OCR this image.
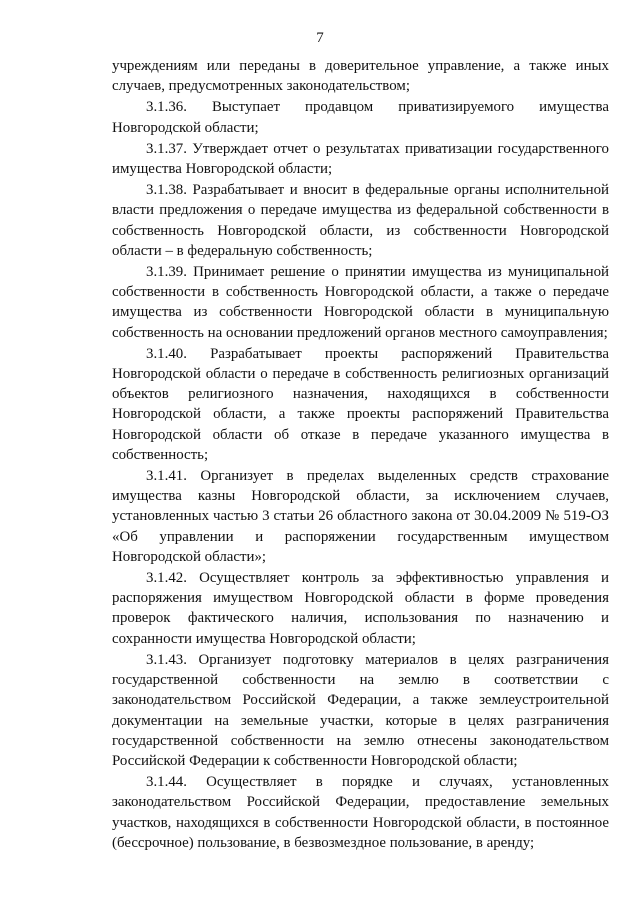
7

учреждениям или переданы в доверительное управление, а также иных случаев, предусмотренных законодательством;

3.1.36. Выступает продавцом приватизируемого имущества Новгородской области;

3.1.37. Утверждает отчет о результатах приватизации государственного имущества Новгородской области;

3.1.38. Разрабатывает и вносит в федеральные органы исполнительной власти предложения о передаче имущества из федеральной собственности в собственность Новгородской области, из собственности Новгородской области – в федеральную собственность;

3.1.39. Принимает решение о принятии имущества из муниципальной собственности в собственность Новгородской области, а также о передаче имущества из собственности Новгородской области в муниципальную собственность на основании предложений органов местного самоуправления;

3.1.40. Разрабатывает проекты распоряжений Правительства Новгородской области о передаче в собственность религиозных организаций объектов религиозного назначения, находящихся в собственности Новгородской области, а также проекты распоряжений Правительства Новгородской области об отказе в передаче указанного имущества в собственность;

3.1.41. Организует в пределах выделенных средств страхование имущества казны Новгородской области, за исключением случаев, установленных частью 3 статьи 26 областного закона от 30.04.2009 № 519-ОЗ «Об управлении и распоряжении государственным имуществом Новгородской области»;

3.1.42. Осуществляет контроль за эффективностью управления и распоряжения имуществом Новгородской области в форме проведения проверок фактического наличия, использования по назначению и сохранности имущества Новгородской области;

3.1.43. Организует подготовку материалов в целях разграничения государственной собственности на землю в соответствии с законодательством Российской Федерации, а также землеустроительной документации на земельные участки, которые в целях разграничения государственной собственности на землю отнесены законодательством Российской Федерации к собственности Новгородской области;

3.1.44. Осуществляет в порядке и случаях, установленных законодательством Российской Федерации, предоставление земельных участков, находящихся в собственности Новгородской области, в постоянное (бессрочное) пользование, в безвозмездное пользование, в аренду;
